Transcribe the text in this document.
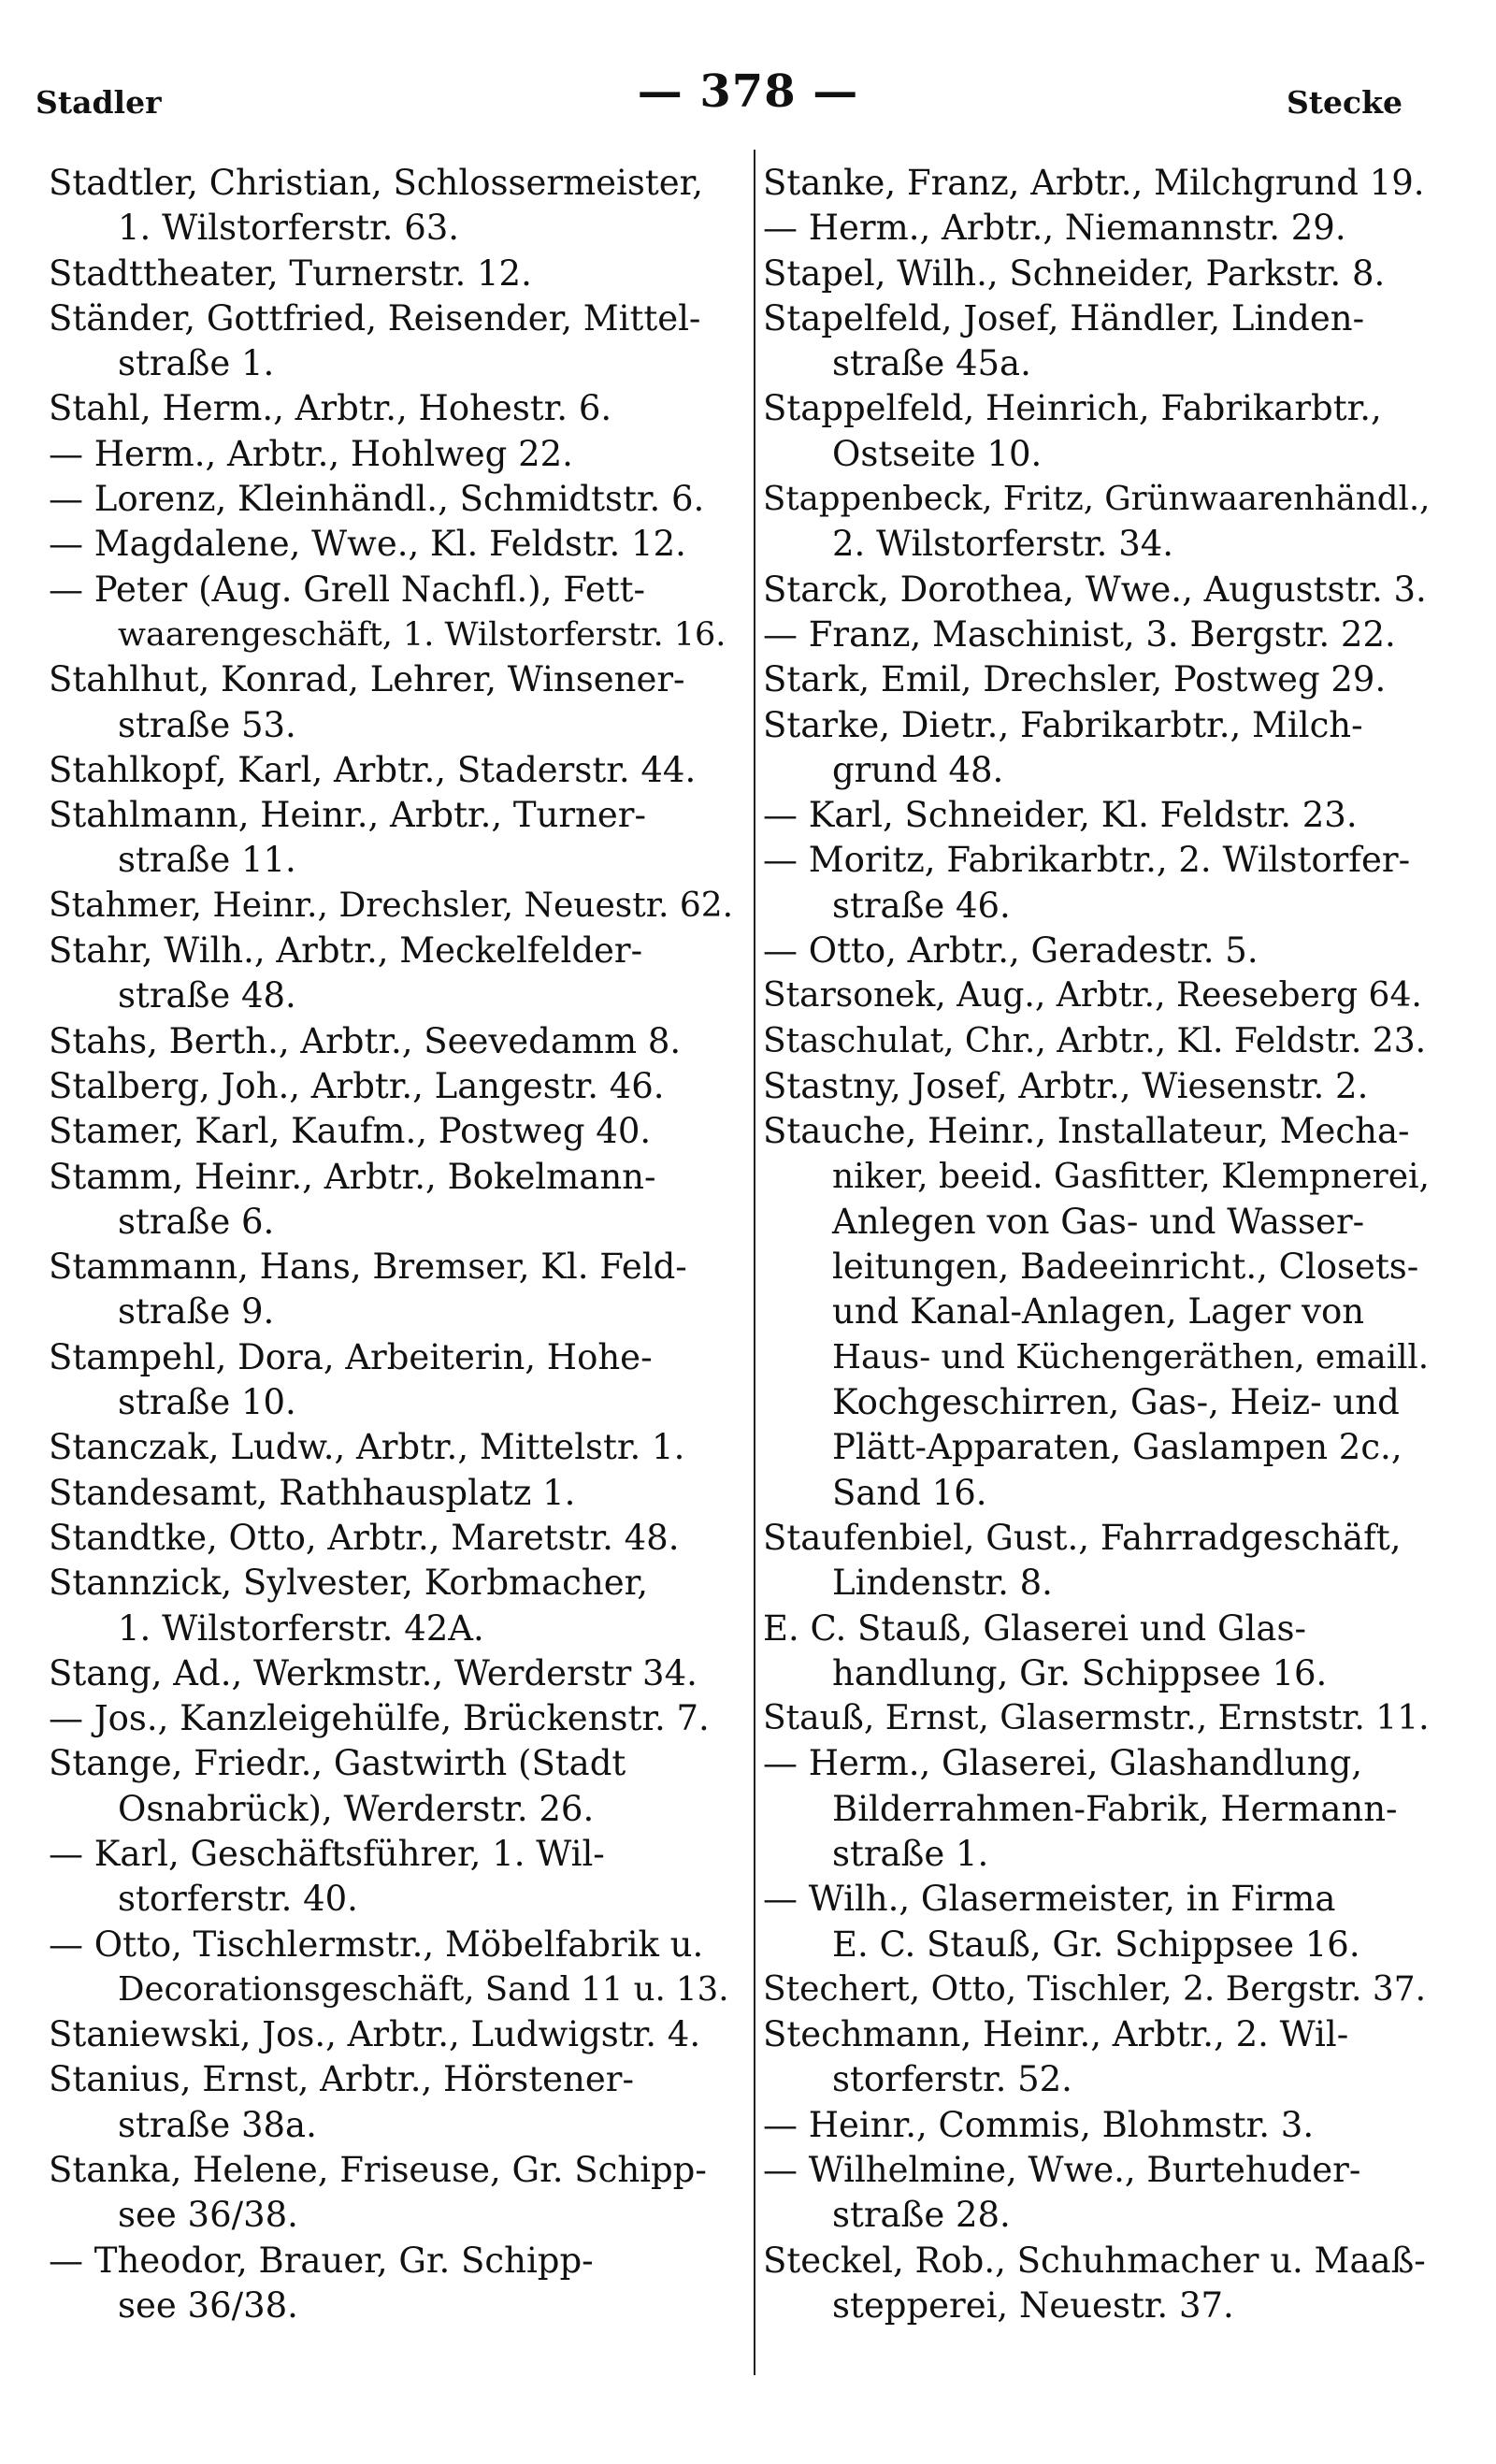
Stadler	— 378 —	Stecke
Stadtler, Christian, Schlossermeister,
1. Wilstorferstr. 63.
Stadttheater, Turnerstr. 12.
Ständer, Gottfried, Reisender, Mittel-
straße 1.
Stahl, Herm., Arbtr., Hohestr. 6.
— Herm., Arbtr., Hohlweg 22.
— Lorenz, Kleinhändl., Schmidtstr. 6.
— Magdalene, Wwe., Kl. Feldstr. 12.
— Peter (Aug. Grell Nachfl.), Fett-
waarengeschäft, 1. Wilstorferstr. 16.
Stahlhut, Konrad, Lehrer, Winsener-
straße 53.
Stahlkopf, Karl, Arbtr., Staderstr. 44.
Stahlmann, Heinr., Arbtr., Turner-
straße 11.
Stahmer, Heinr., Drechsler, Neuestr. 62.
Stahr, Wilh., Arbtr., Meckelfelder-
straße 48.
Stahs, Berth., Arbtr., Seevedamm 8.
Stalberg, Joh., Arbtr., Langestr. 46.
Stamer, Karl, Kaufm., Postweg 40.
Stamm, Heinr., Arbtr., Bokelmann-
straße 6.
Stammann, Hans, Bremser, Kl. Feld-
straße 9.
Stampehl, Dora, Arbeiterin, Hohe-
straße 10.
Stanczak, Ludw., Arbtr., Mittelstr. 1.
Standesamt, Rathhausplatz 1.
Standtke, Otto, Arbtr., Maretstr. 48.
Stannzick, Sylvester, Korbmacher,
1. Wilstorferstr. 42A.
Stang, Ad., Werkmstr., Werderstr 34.
— Jos., Kanzleigehülfe, Brückenstr. 7.
Stange, Friedr., Gastwirth (Stadt
Osnabrück), Werderstr. 26.
— Karl, Geschäftsführer, 1. Wil-
storferstr. 40.
— Otto, Tischlermstr., Möbelfabrik u.
Decorationsgeschäft, Sand 11 u. 13.
Staniewski, Jos., Arbtr., Ludwigstr. 4.
Stanius, Ernst, Arbtr., Hörstener-
straße 38a.
Stanka, Helene, Friseuse, Gr. Schipp-
see 36/38.
— Theodor, Brauer, Gr. Schipp-
see 36/38.
Stanke, Franz, Arbtr., Milchgrund 19.
— Herm., Arbtr., Niemannstr. 29.
Stapel, Wilh., Schneider, Parkstr. 8.
Stapelfeld, Josef, Händler, Linden-
straße 45a.
Stappelfeld, Heinrich, Fabrikarbtr.,
Ostseite 10.
Stappenbeck, Fritz, Grünwaarenhändl.,
2. Wilstorferstr. 34.
Starck, Dorothea, Wwe., Auguststr. 3.
— Franz, Maschinist, 3. Bergstr. 22.
Stark, Emil, Drechsler, Postweg 29.
Starke, Dietr., Fabrikarbtr., Milch-
grund 48.
— Karl, Schneider, Kl. Feldstr. 23.
— Moritz, Fabrikarbtr., 2. Wilstorfer-
straße 46.
— Otto, Arbtr., Geradestr. 5.
Starsonek, Aug., Arbtr., Reeseberg 64.
Staschulat, Chr., Arbtr., Kl. Feldstr. 23.
Stastny, Josef, Arbtr., Wiesenstr. 2.
Stauche, Heinr., Installateur, Mecha-
niker, beeid. Gasfitter, Klempnerei,
Anlegen von Gas- und Wasser-
leitungen, Badeeinricht., Closets-
und Kanal-Anlagen, Lager von
Haus- und Küchengeräthen, emaill.
Kochgeschirren, Gas-, Heiz- und
Plätt-Apparaten, Gaslampen 2c.,
Sand 16.
Staufenbiel, Gust., Fahrradgeschäft,
Lindenstr. 8.
E. C. Stauß, Glaserei und Glas-
handlung, Gr. Schippsee 16.
Stauß, Ernst, Glasermstr., Ernststr. 11.
— Herm., Glaserei, Glashandlung,
Bilderrahmen-Fabrik, Hermann-
straße 1.
— Wilh., Glasermeister, in Firma
E. C. Stauß, Gr. Schippsee 16.
Stechert, Otto, Tischler, 2. Bergstr. 37.
Stechmann, Heinr., Arbtr., 2. Wil-
storferstr. 52.
— Heinr., Commis, Blohmstr. 3.
— Wilhelmine, Wwe., Burtehuder-
straße 28.
Steckel, Rob., Schuhmacher u. Maaß-
stepperei, Neuestr. 37.
